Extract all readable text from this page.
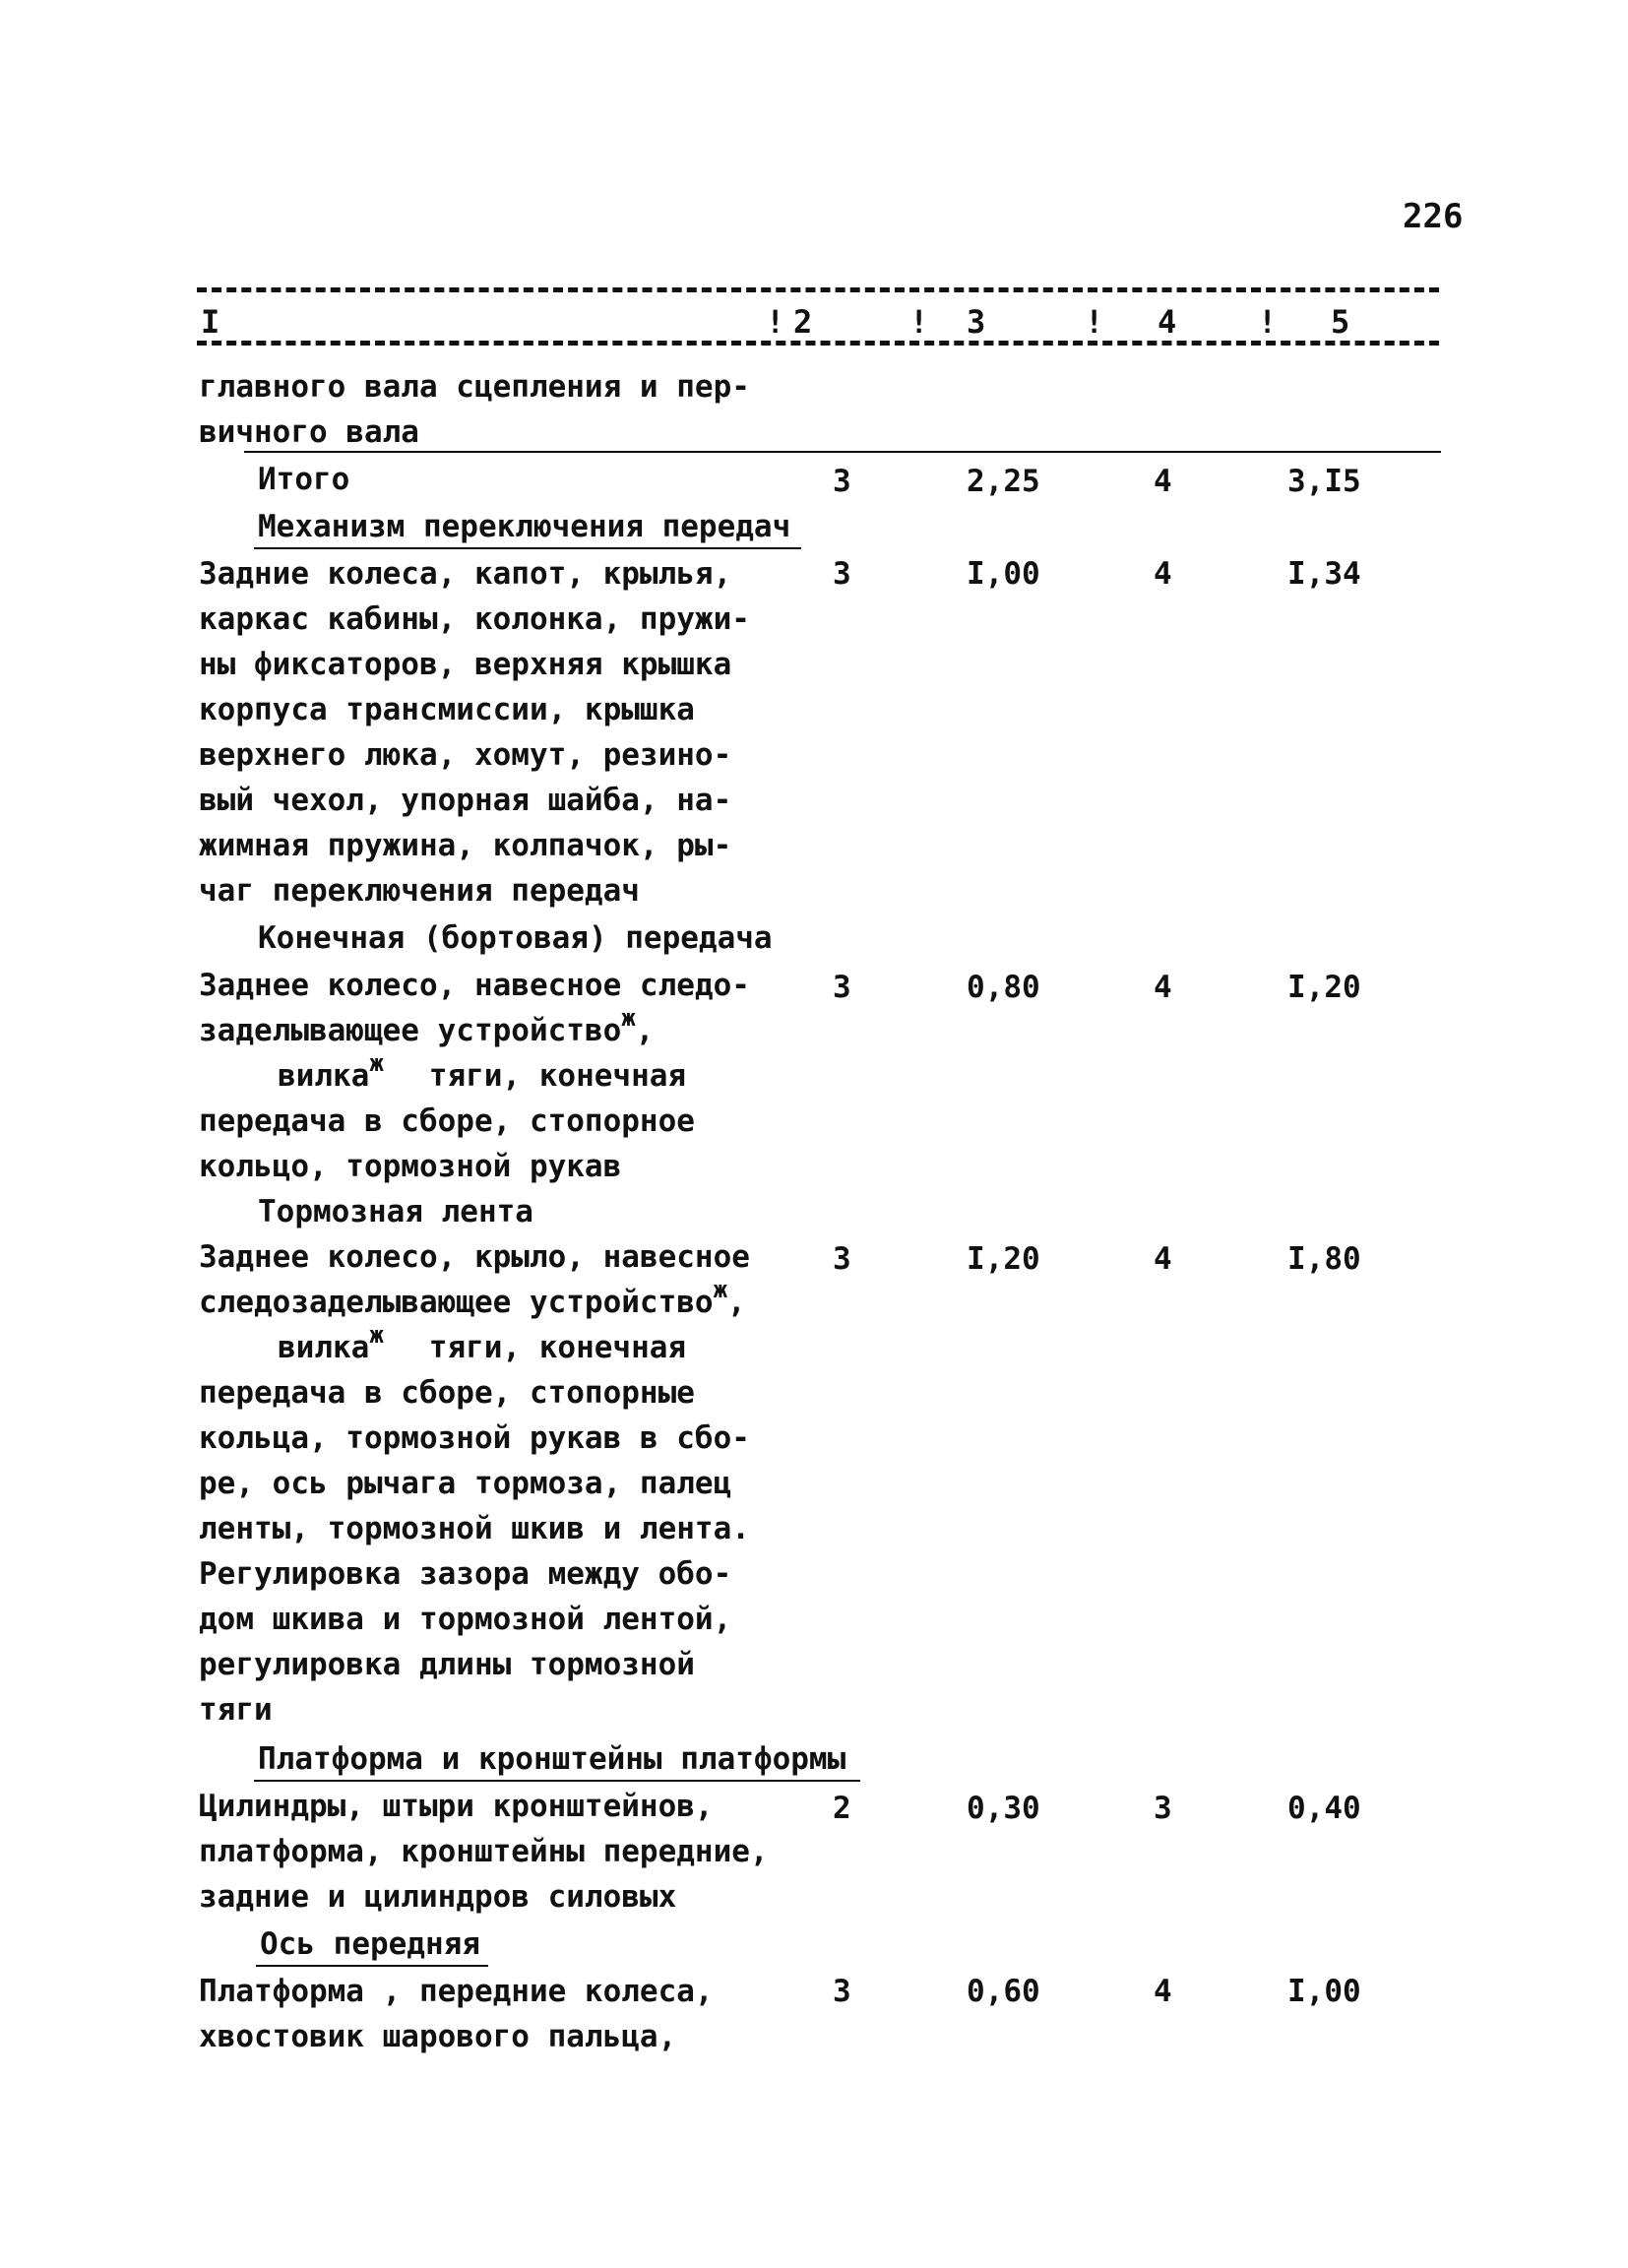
226
I	! 2	! 3	! 4	! 5
главного вала сцепления и пер-
вичного вала
Итого	3	2,25	4	3,I5
Механизм переключения передач
Задние колеса, капот, крылья,	3	I,00	4	I,34
каркас кабины, колонка, пружи-
ны фиксаторов, верхняя крышка
корпуса трансмиссии, крышка
верхнего люка, хомут, резино-
вый чехол, упорная шайба, на-
жимная пружина, колпачок, ры-
чаг переключения передач
Конечная (бортовая) передача
Заднее колесо, навесное следо-	3	0,80	4	I,20
заделывающее устройство$^ж$,
вилка$^ж$ тяги, конечная
передача в сборе, стопорное
кольцо, тормозной рукав
Тормозная лента
Заднее колесо, крыло, навесное	3	I,20	4	I,80
следозаделывающее устройство$^ж$,
вилка$^ж$ тяги, конечная
передача в сборе, стопорные
кольца, тормозной рукав в сбо-
ре, ось рычага тормоза, палец
ленты, тормозной шкив и лента.
Регулировка зазора между обо-
дом шкива и тормозной лентой,
регулировка длины тормозной
тяги
Платформа и кронштейны платформы
Цилиндры, штыри кронштейнов,	2	0,30	3	0,40
платформа, кронштейны передние,
задние и цилиндров силовых
Ось передняя
Платформа , передние колеса,	3	0,60	4	I,00
хвостовик шарового пальца,
